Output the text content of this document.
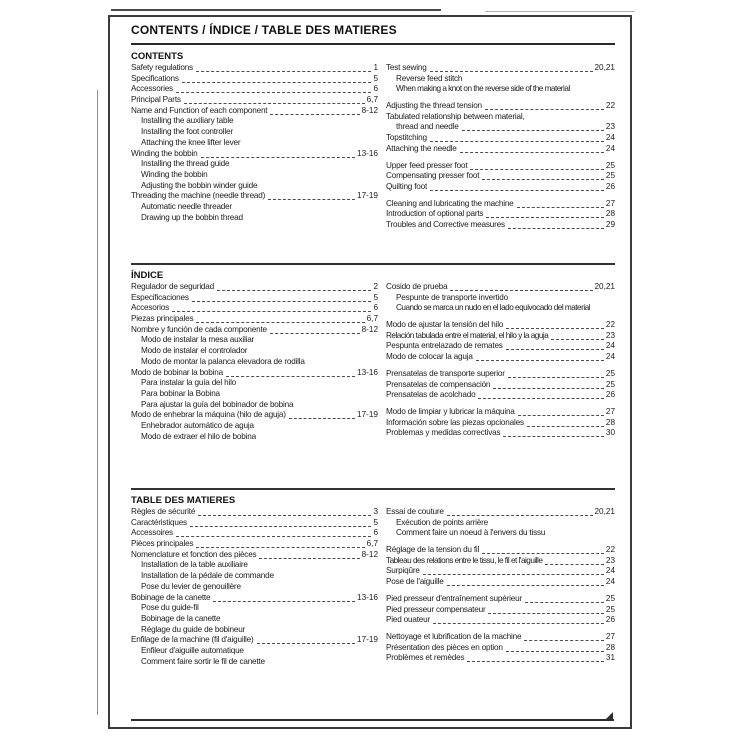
CONTENTS / ÍNDICE / TABLE DES MATIERES
CONTENTS
Safety regulations	1
Specifications	5
Accessories	6
Principal Parts	6,7
Name and Function of each component	8-12
Installing the auxiliary table
Installing the foot controller
Attaching the knee lifter lever
Winding the bobbin	13-16
Installing the thread guide
Winding the bobbin
Adjusting the bobbin winder guide
Threading the machine (needle thread)	17-19
Automatic needle threader
Drawing up the bobbin thread
Test sewing	20,21
Reverse feed stitch
When making a knot on the reverse side of the material
Adjusting the thread tension	22
Tabulated relationship between material,
thread and needle	23
Topstitching	24
Attaching the needle	24
Upper feed presser foot	25
Compensating presser foot	25
Quilting foot	26
Cleaning and lubricating the machine	27
Introduction of optional parts	28
Troubles and Corrective measures	29
ÍNDICE
Regulador de seguridad	2
Especificaciones	5
Accesorios	6
Piezas principales	6,7
Nombre y función de cada componente	8-12
Modo de instalar la mesa auxiliar
Modo de instalar el controlador
Modo de montar la palanca elevadora de rodilla
Modo de bobinar la bobina	13-16
Para instalar la guía del hilo
Para bobinar la Bobina
Para ajustar la guía del bobinador de bobina
Modo de enhebrar la máquina (hilo de aguja)	17-19
Enhebrador automático de aguja
Modo de extraer el hilo de bobina
Cosido de prueba	20,21
Pespunte de transporte invertido
Cuando se marca un nudo en el lado equivocado del material
Modo de ajustar la tensión del hilo	22
Relación tabulada entre el material, el hilo y la aguja	23
Pespunta entrelazado de remates	24
Modo de colocar la aguja	24
Prensatelas de transporte superior	25
Prensatelas de compensación	25
Prensatelas de acolchado	26
Modo de limpiar y lubricar la máquina	27
Información sobre las piezas opcionales	28
Problemas y medidas correctivas	30
TABLE DES MATIERES
Règles de sécurité	3
Caractéristiques	5
Accessoires	6
Pièces principales	6,7
Nomenclature et fonction des pièces	8-12
Installation de la table auxiliaire
Installation de la pédale de commande
Pose du levier de genouillère
Bobinage de la canette	13-16
Pose du guide-fil
Bobinage de la canette
Réglage du guide de bobineur
Enfilage de la machine (fil d'aiguille)	17-19
Enfileur d'aiguille automatique
Comment faire sortir le fil de canette
Essai de couture	20,21
Exécution de points arrière
Comment faire un noeud à l'envers du tissu
Réglage de la tension du fil	22
Tableau des relations entre le tissu, le fil et l'aiguille	23
Surpiqûre	24
Pose de l'aiguille	24
Pied presseur d'entraînement supérieur	25
Pied presseur compensateur	25
Pied ouateur	26
Nettoyage et lubrification de la machine	27
Présentation des pièces en option	28
Problèmes et remèdes	31
